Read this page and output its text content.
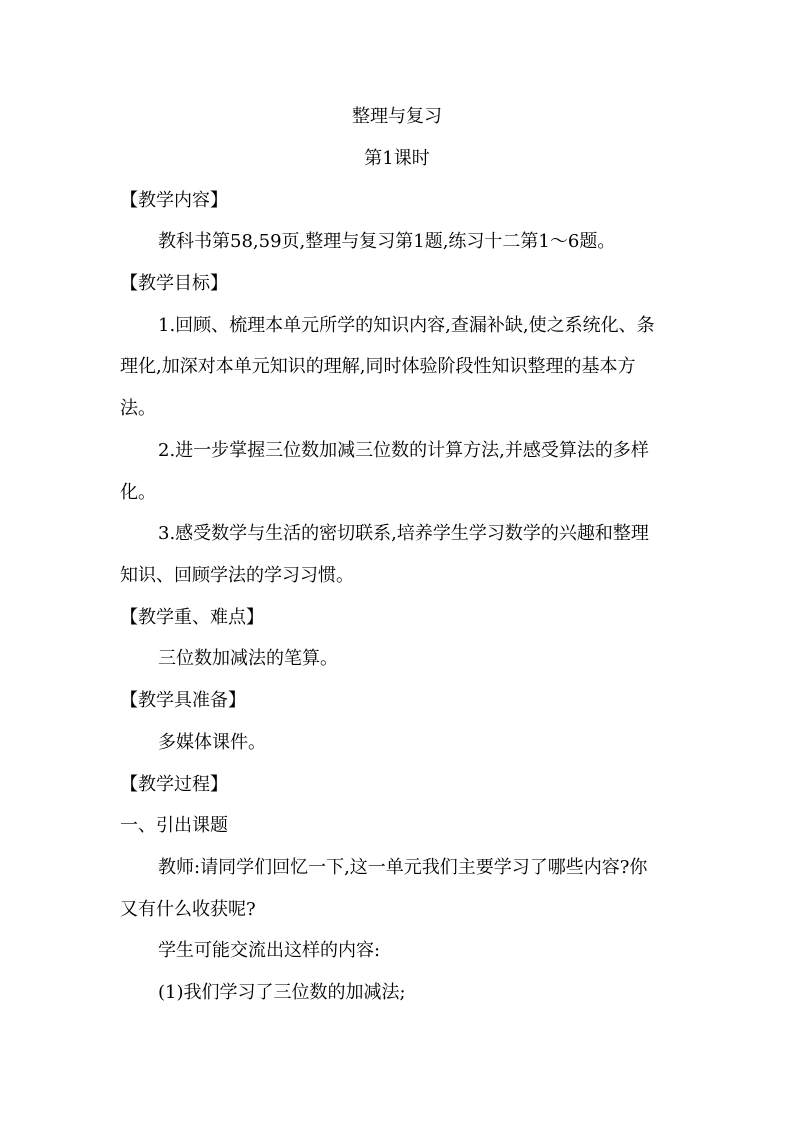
整理与复习
第1课时
【教学内容】
教科书第58,59页,整理与复习第1题,练习十二第1～6题。
【教学目标】
1.回顾、梳理本单元所学的知识内容,查漏补缺,使之系统化、条
理化,加深对本单元知识的理解,同时体验阶段性知识整理的基本方
法。
2.进一步掌握三位数加减三位数的计算方法,并感受算法的多样
化。
3.感受数学与生活的密切联系,培养学生学习数学的兴趣和整理
知识、回顾学法的学习习惯。
【教学重、难点】
三位数加减法的笔算。
【教学具准备】
多媒体课件。
【教学过程】
一、引出课题
教师:请同学们回忆一下,这一单元我们主要学习了哪些内容?你
又有什么收获呢?
学生可能交流出这样的内容:
(1)我们学习了三位数的加减法;
